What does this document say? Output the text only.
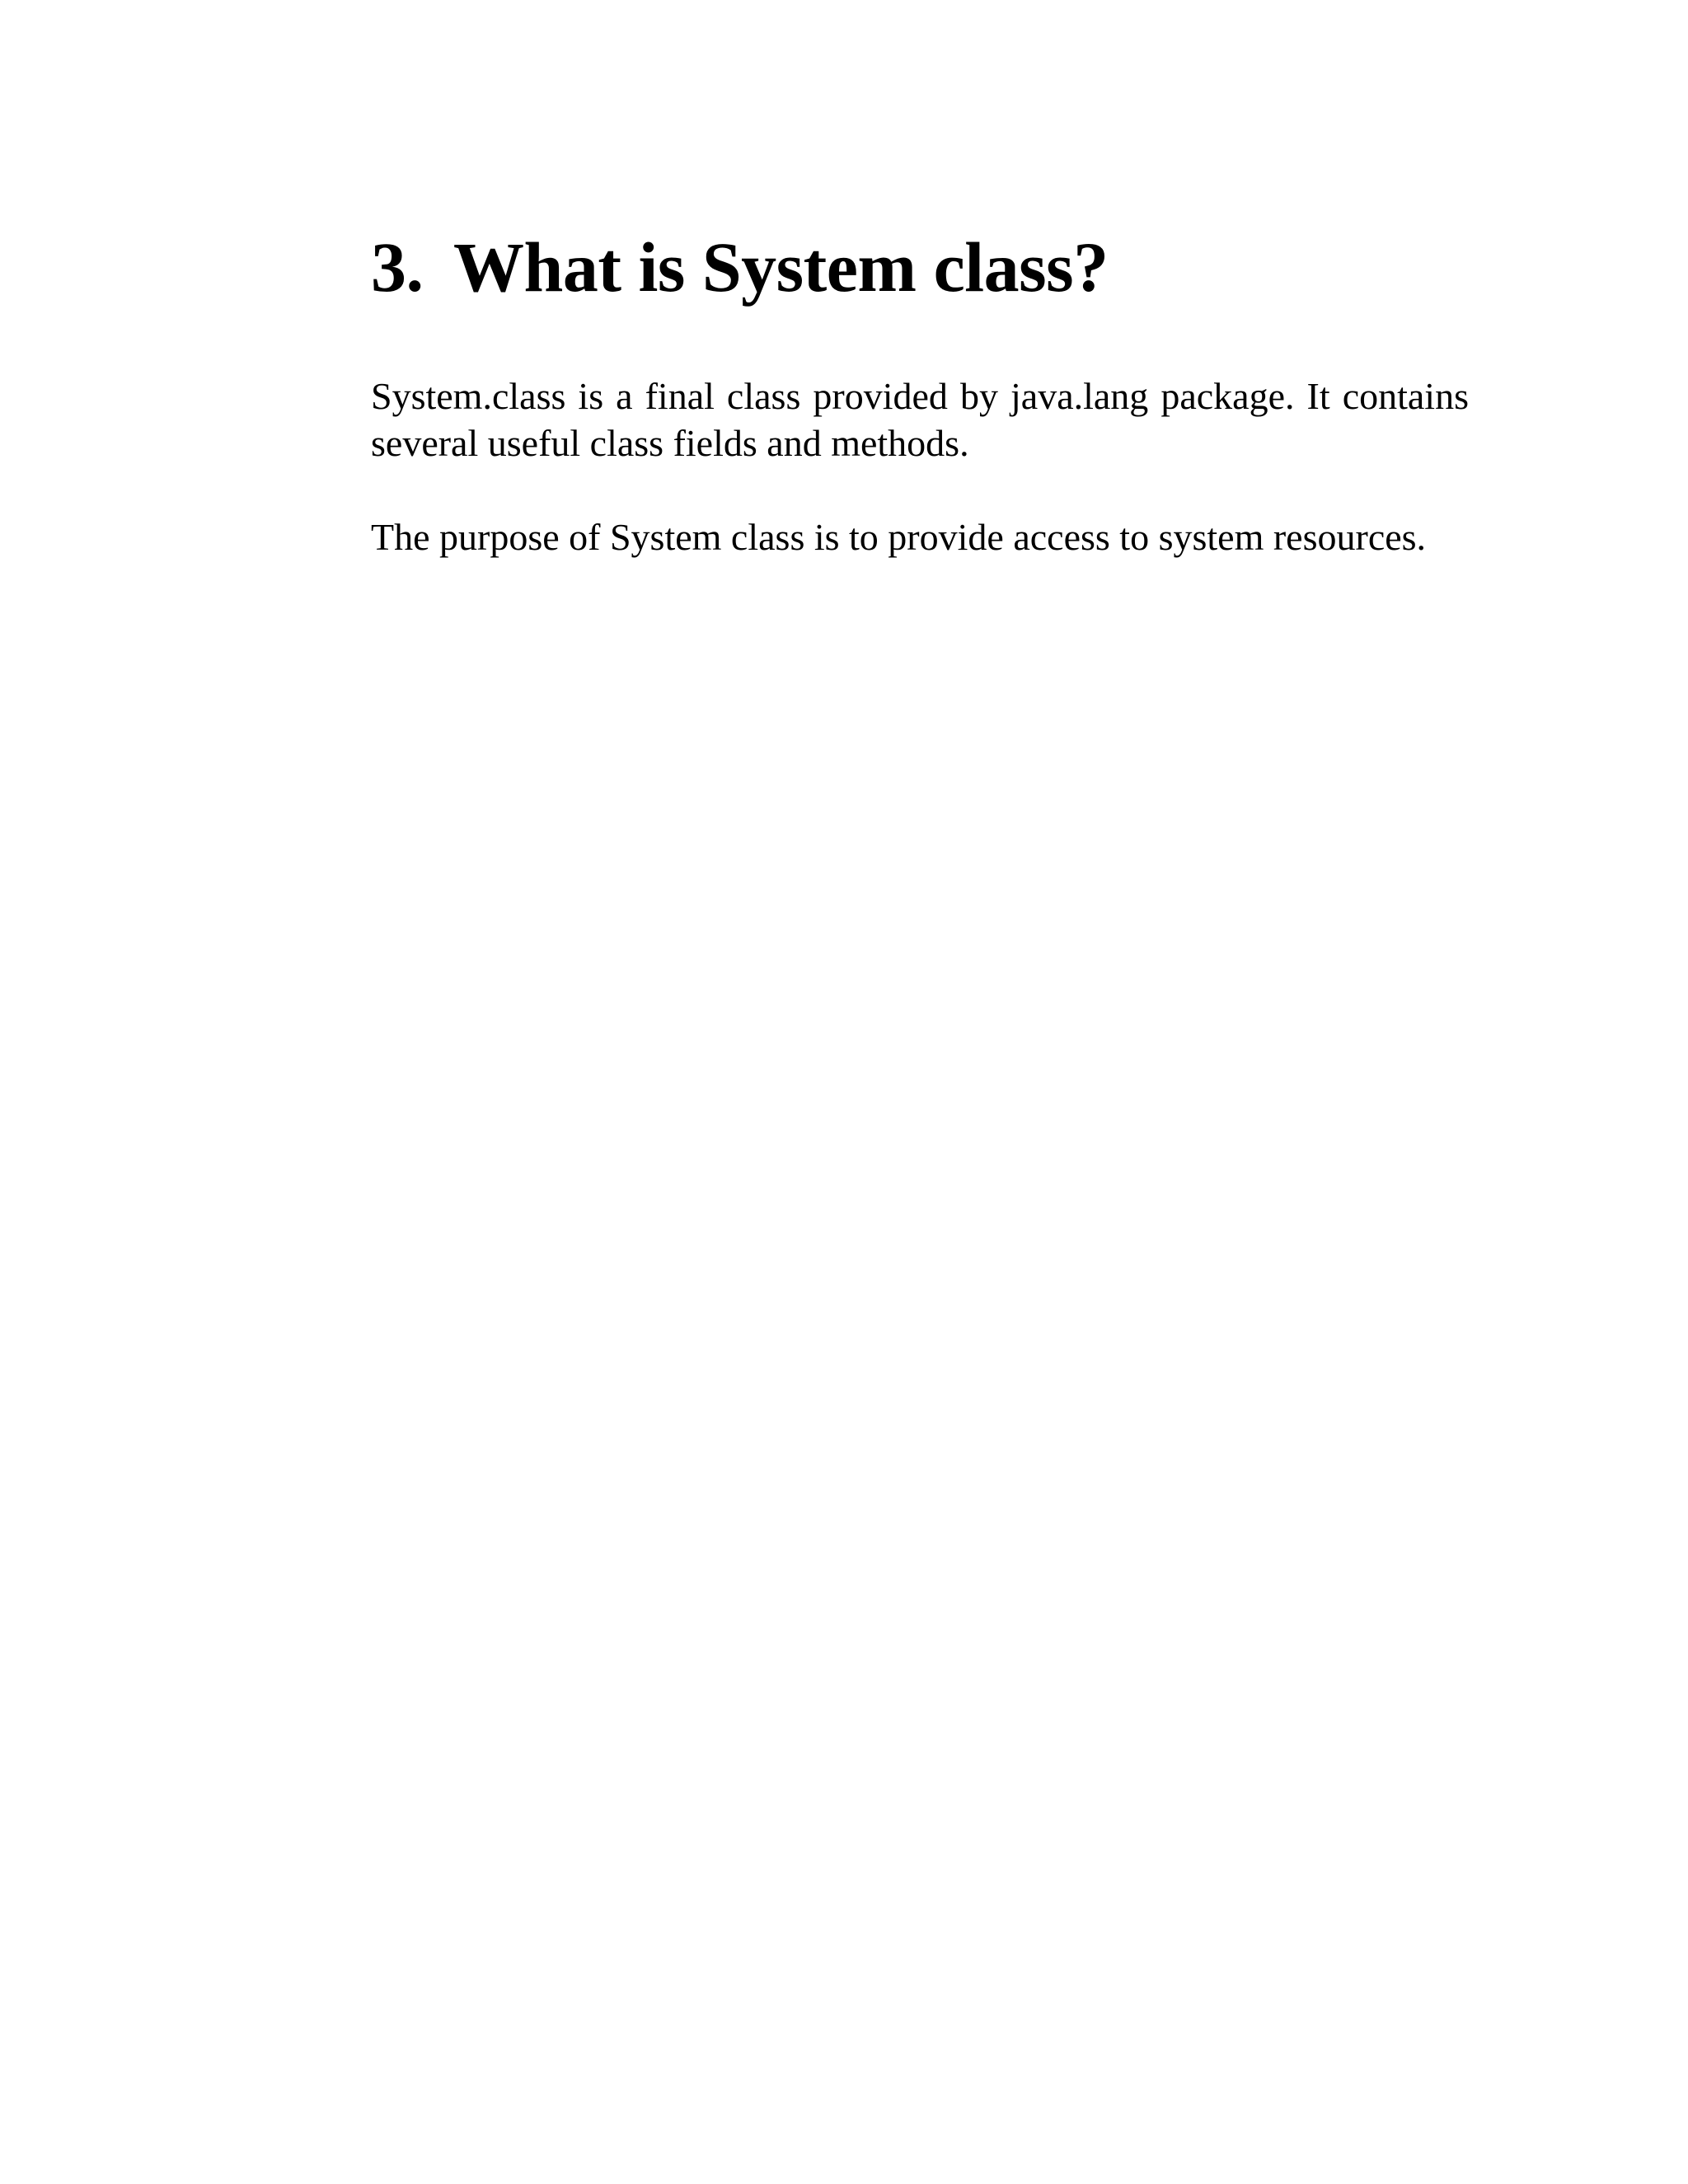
3. What is System class?

System.class is a final class provided by java.lang package. It contains several useful class fields and methods.

The purpose of System class is to provide access to system resources.
